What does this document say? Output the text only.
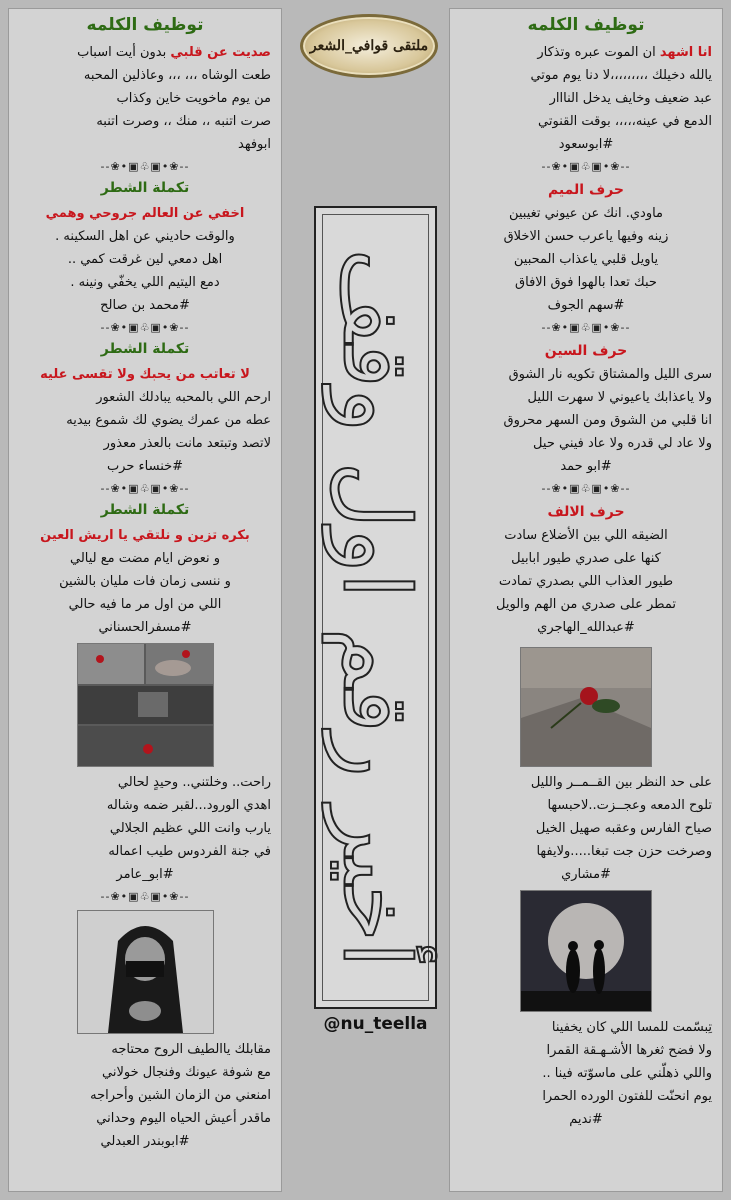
توظيف الكلمه
انا اشهد ان الموت عبره وتذكار
يالله دخيلك ،،،،،،،،،لا دنا يوم موتي
عبد ضعيف وخايف يدخل النااار
الدمع في عينه،،،،، بوقت القنوتي
#ابوسعود
--❀•▣♧▣•❀--
حرف الميم
ماودي. انك عن عيوني تغيبين
زينه وفيها ياعرب حسن الاخلاق
ياويل قلبي ياعذاب المحبين
حبك تعدا بالهوا فوق الافاق
#سهم الجوف
--❀•▣♧▣•❀--
حرف السين
سرى الليل والمشتاق تكويه نار الشوق
ولا ياعذابك ياعيوني لا سهرت الليل
انا قلبي من الشوق ومن السهر محروق
ولا عاد لي قدره ولا عاد فيني حيل
#ابو حمد
--❀•▣♧▣•❀--
حرف الالف
الضيقه اللي بين الأضلاع سادت
كنها على صدري طيور ابابيل
طيور العذاب اللي بصدري تمادت
تمطر على صدري من الهم والويل
#عبدالله_الهاجري
على حد النظر بين القــمــر والليل
تلوح الدمعه وعجــزت..لاحبسها
صياح الفارس وعقبه صهيل الخيل
وصرخت حزن جت تبغا.....ولايفها
#مشاري
تِبسّمت للمسا اللي كان يخفينا
ولا فضح ثغرها الأشـهـقة القمرا
واللي ذهلّني على ماسوّته فينا ..
يوم انحنّت للفتون الورده الحمرا
#نديم
توظيف الكلمه
صديت عن قلبي بدون أيت اسباب
طعت الوشاه ،،، ،،، وعاذلين المحبه
من يوم ماخويت خاين وكذاب
صرت اتنبه ،، منك ،، وصرت اتنبه
ابوفهد
--❀•▣♧▣•❀--
تكملة الشطر
اخفي عن العالم جروحي وهمي
والوقت حاديني عن اهل السكينه .
اهل دمعي لين غرقت كمي ..
دمع اليتيم اللي يخفّي ونينه .
#محمد بن صالح
--❀•▣♧▣•❀--
تكملة الشطر
لا تعاتب من يحبك ولا تقسى عليه
ارحم اللي بالمحبه يبادلك الشعور
عطه من عمرك يضوي لك شموع بيديه
لاتصد وتبتعد مانت بالعذر معذور
#خنساء حرب
--❀•▣♧▣•❀--
تكملة الشطر
بكره تزين و نلتقي يا اريش العين
و نعوض ايام مضت مع ليالي
و ننسى زمان فات مليان بالشين
اللي من اول مر ما فيه حالي
#مسفرالحسناني
راحت.. وخلتني.. وحيدٍ لحالي
اهدي الورود...لقبر ضمه وشاله
يارب وانت اللي عظيم الجلالي
في جنة الفردوس طيب اعماله
#ابو_عامر
--❀•▣♧▣•❀--
مقابلك ياالطيف الروح محتاجه
مع شوفة عيونك وفنجال خولاني
امنعني من الزمان الشين وأحراجه
ماقدر أعيش الحياه اليوم وحداني
#ابوبندر العبدلي
ملتقى قوافي_الشعر
أخير رقم اول وقف
@nu_teella
